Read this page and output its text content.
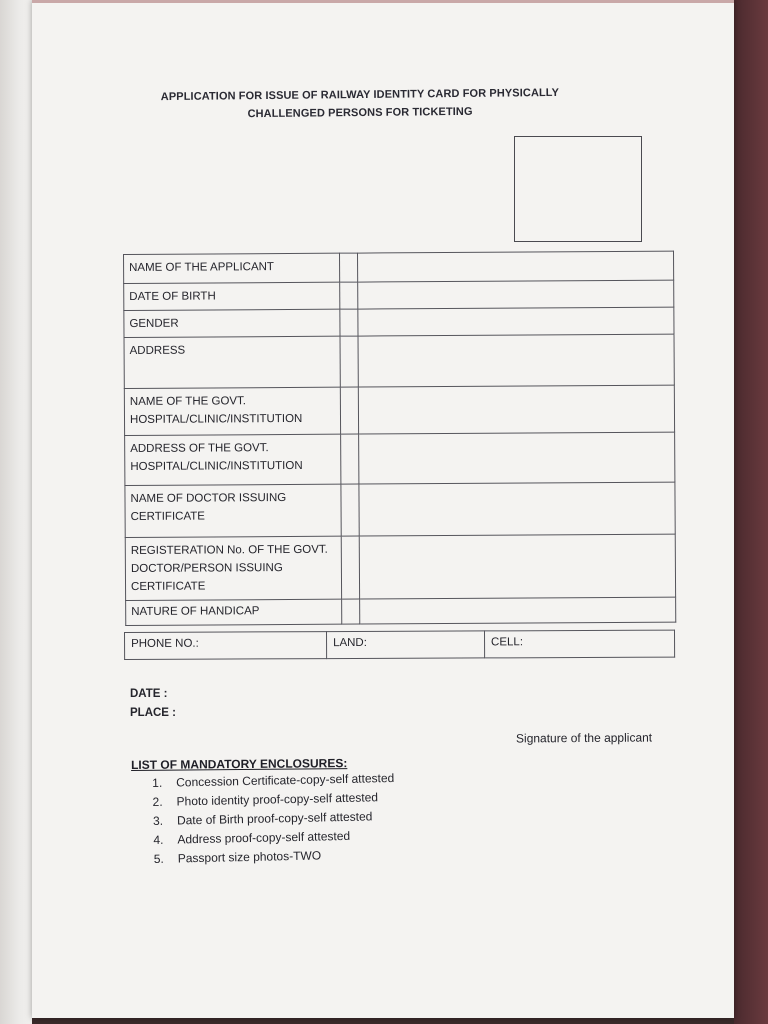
APPLICATION FOR ISSUE OF RAILWAY IDENTITY CARD FOR PHYSICALLY
CHALLENGED PERSONS FOR TICKETING
NAME OF THE APPLICANT		
DATE OF BIRTH		
GENDER		
ADDRESS		
NAME OF THE GOVT. HOSPITAL/CLINIC/INSTITUTION		
ADDRESS OF THE GOVT. HOSPITAL/CLINIC/INSTITUTION		
NAME OF DOCTOR ISSUING CERTIFICATE		
REGISTERATION No. OF THE GOVT. DOCTOR/PERSON ISSUING CERTIFICATE		
NATURE OF HANDICAP		
PHONE NO.:	LAND:	CELL:
DATE :
PLACE :
Signature of the applicant
LIST OF MANDATORY ENCLOSURES:
1. Concession Certificate-copy-self attested
2. Photo identity proof-copy-self attested
3. Date of Birth proof-copy-self attested
4. Address proof-copy-self attested
5. Passport size photos-TWO
